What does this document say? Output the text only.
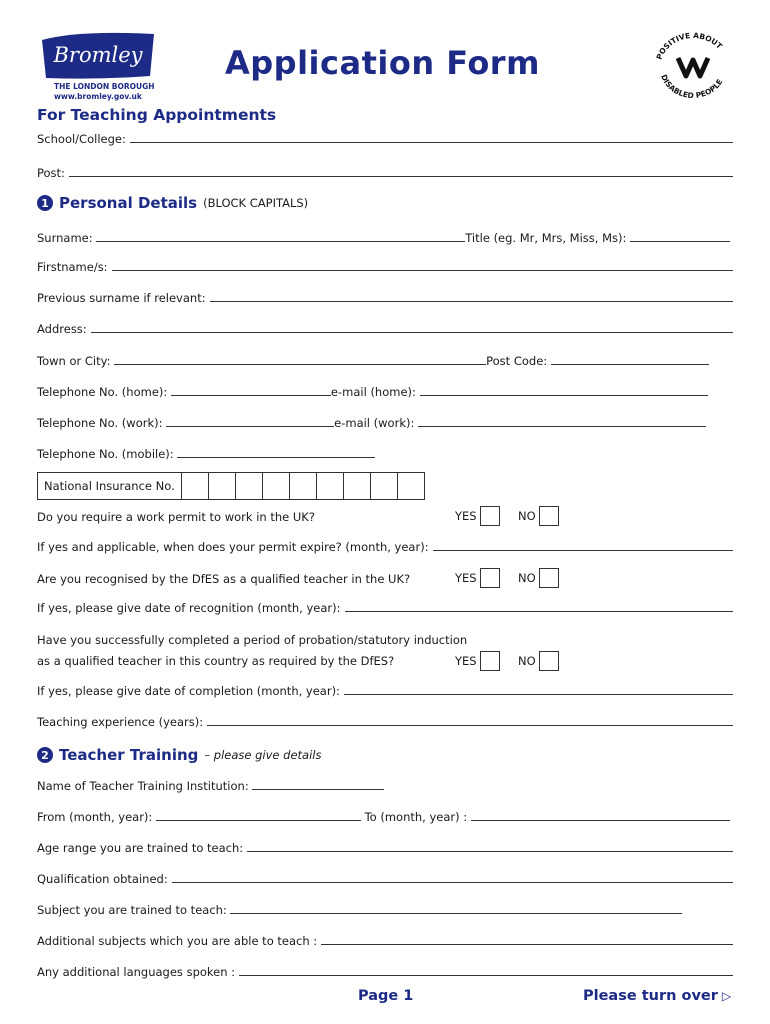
Bromley
THE LONDON BOROUGH
www.bromley.gov.uk
Application Form	POSITIVE ABOUT
DISABLED PEOPLE
For Teaching Appointments
School/College:
Post:
1 Personal Details (BLOCK CAPITALS)
Surname:	Title (eg. Mr, Mrs, Miss, Ms):
Firstname/s:
Previous surname if relevant:
Address:
Town or City:	Post Code:
Telephone No. (home):	e-mail (home):
Telephone No. (work):	e-mail (work):
Telephone No. (mobile):
National Insurance No.
Do you require a work permit to work in the UK?	YES	NO
If yes and applicable, when does your permit expire? (month, year):
Are you recognised by the DfES as a qualified teacher in the UK?	YES	NO
If yes, please give date of recognition (month, year):
Have you successfully completed a period of probation/statutory induction
as a qualified teacher in this country as required by the DfES?	YES	NO
If yes, please give date of completion (month, year):
Teaching experience (years):
2 Teacher Training – please give details
Name of Teacher Training Institution:
From (month, year):	To (month, year) :
Age range you are trained to teach:
Qualification obtained:
Subject you are trained to teach:
Additional subjects which you are able to teach :
Any additional languages spoken :
Page 1	Please turn over ▷
